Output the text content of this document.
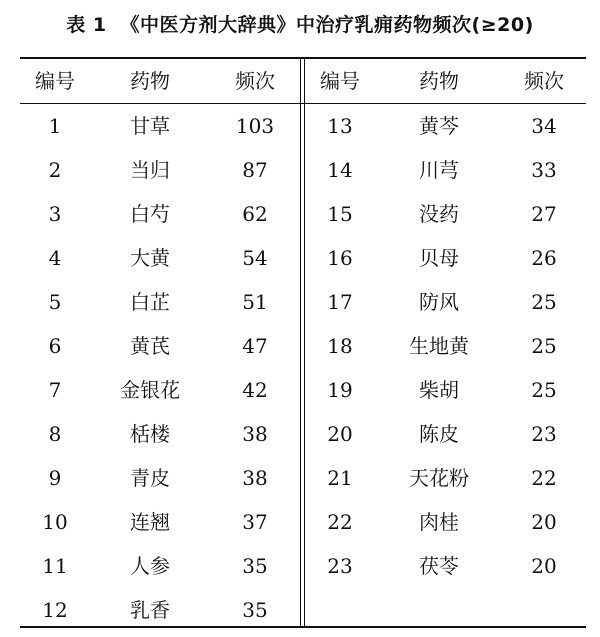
表 1 《中医方剂大辞典》中治疗乳痈药物频次(≥20)
编号	药物	频次	编号	药物	频次
1	甘草	103	13	黄芩	34
2	当归	87	14	川芎	33
3	白芍	62	15	没药	27
4	大黄	54	16	贝母	26
5	白芷	51	17	防风	25
6	黄芪	47	18	生地黄	25
7	金银花	42	19	柴胡	25
8	栝楼	38	20	陈皮	23
9	青皮	38	21	天花粉	22
10	连翘	37	22	肉桂	20
11	人参	35	23	茯苓	20
12	乳香	35
